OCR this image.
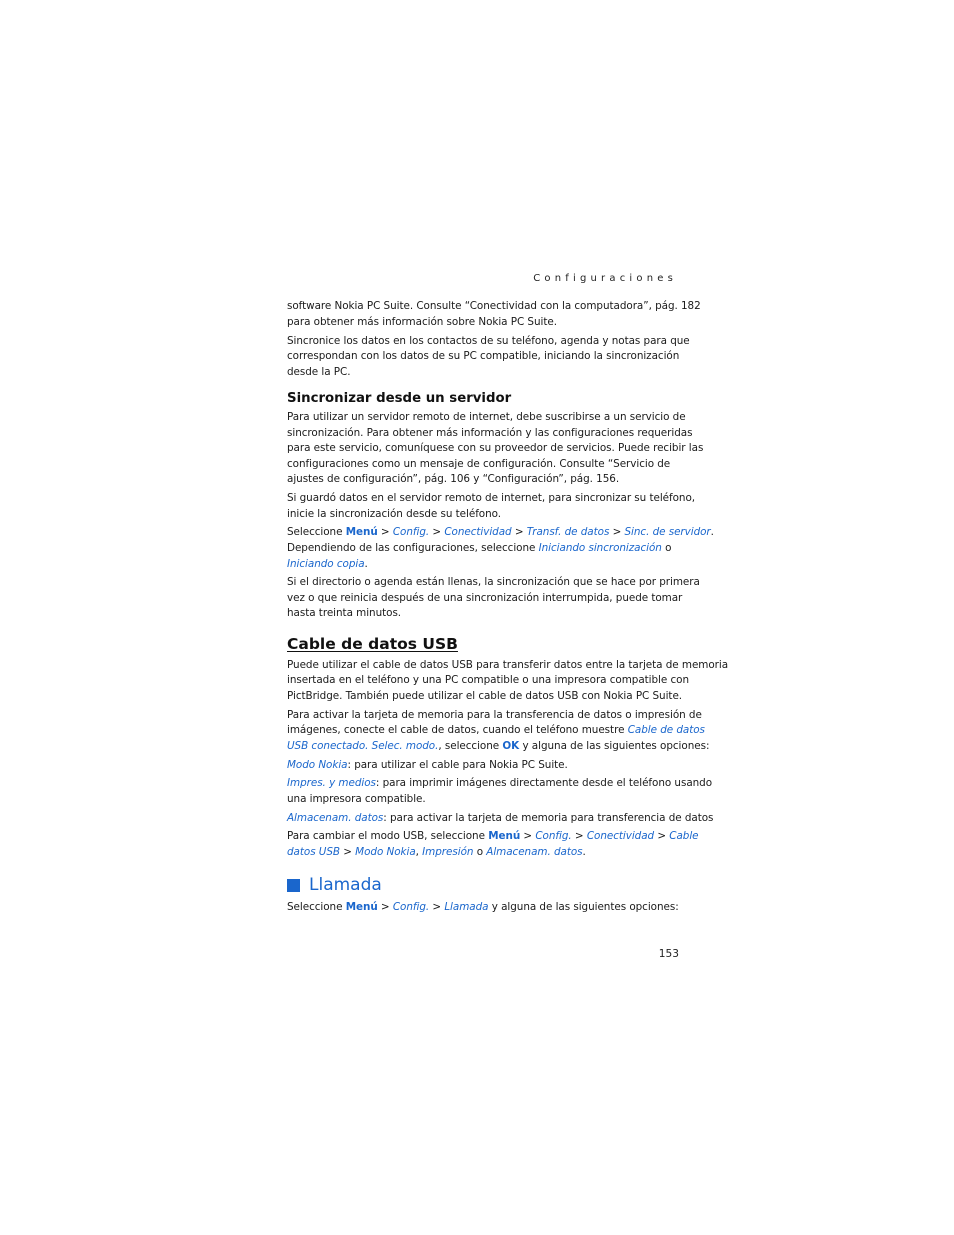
Configuraciones

software Nokia PC Suite. Consulte “Conectividad con la computadora”, pág. 182

para obtener más información sobre Nokia PC Suite.

Sincronice los datos en los contactos de su teléfono, agenda y notas para que

correspondan con los datos de su PC compatible, iniciando la sincronización

desde la PC.

Sincronizar desde un servidor

Para utilizar un servidor remoto de internet, debe suscribirse a un servicio de

sincronización. Para obtener más información y las configuraciones requeridas

para este servicio, comuníquese con su proveedor de servicios. Puede recibir las

configuraciones como un mensaje de configuración. Consulte “Servicio de

ajustes de configuración”, pág. 106 y “Configuración”, pág. 156.

Si guardó datos en el servidor remoto de internet, para sincronizar su teléfono,

inicie la sincronización desde su teléfono.

Seleccione Menú > Config. > Conectividad > Transf. de datos > Sinc. de servidor.

Dependiendo de las configuraciones, seleccione Iniciando sincronización o

Iniciando copia.

Si el directorio o agenda están llenas, la sincronización que se hace por primera

vez o que reinicia después de una sincronización interrumpida, puede tomar

hasta treinta minutos.

Cable de datos USB

Puede utilizar el cable de datos USB para transferir datos entre la tarjeta de memoria

insertada en el teléfono y una PC compatible o una impresora compatible con

PictBridge. También puede utilizar el cable de datos USB con Nokia PC Suite.

Para activar la tarjeta de memoria para la transferencia de datos o impresión de

imágenes, conecte el cable de datos, cuando el teléfono muestre Cable de datos

USB conectado. Selec. modo., seleccione OK y alguna de las siguientes opciones:

Modo Nokia: para utilizar el cable para Nokia PC Suite.

Impres. y medios: para imprimir imágenes directamente desde el teléfono usando

una impresora compatible.

Almacenam. datos: para activar la tarjeta de memoria para transferencia de datos

Para cambiar el modo USB, seleccione Menú > Config. > Conectividad > Cable

datos USB > Modo Nokia, Impresión o Almacenam. datos.

Llamada

Seleccione Menú > Config. > Llamada y alguna de las siguientes opciones:

153
